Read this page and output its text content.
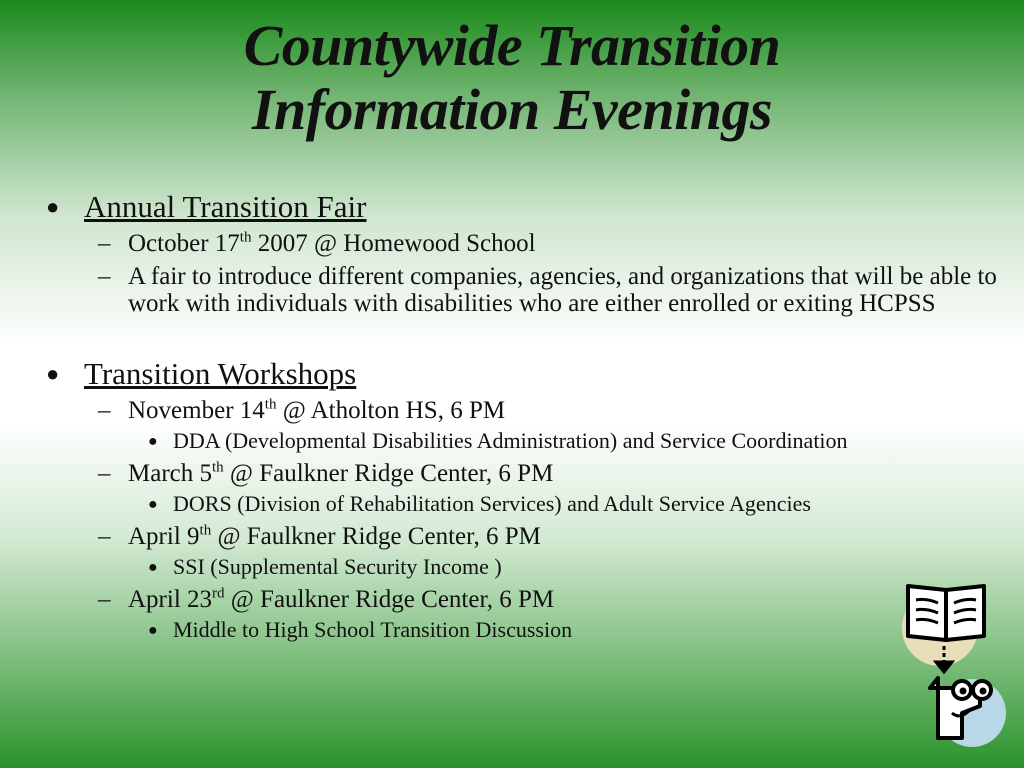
Countywide Transition
Information Evenings
● Annual Transition Fair
– October 17th 2007 @ Homewood School
– A fair to introduce different companies, agencies, and organizations that will be able to work with individuals with disabilities who are either enrolled or exiting HCPSS
● Transition Workshops
– November 14th @ Atholton HS, 6 PM
● DDA (Developmental Disabilities Administration) and Service Coordination
– March 5th @ Faulkner Ridge Center, 6 PM
● DORS (Division of Rehabilitation Services) and Adult Service Agencies
– April 9th @ Faulkner Ridge Center, 6 PM
● SSI (Supplemental Security Income )
– April 23rd @ Faulkner Ridge Center, 6 PM
● Middle to High School Transition Discussion
